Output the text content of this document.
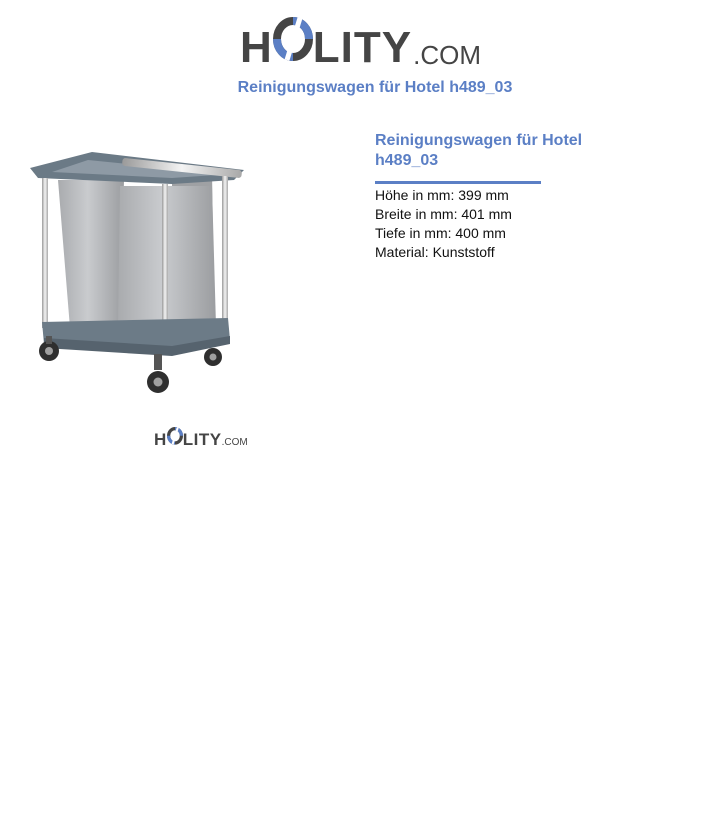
H LITY .COM
Reinigungswagen für Hotel h489_03
H LITY .COM
Reinigungswagen für Hotel
h489_03
Höhe in mm: 399 mm
Breite in mm: 401 mm
Tiefe in mm: 400 mm
Material: Kunststoff
